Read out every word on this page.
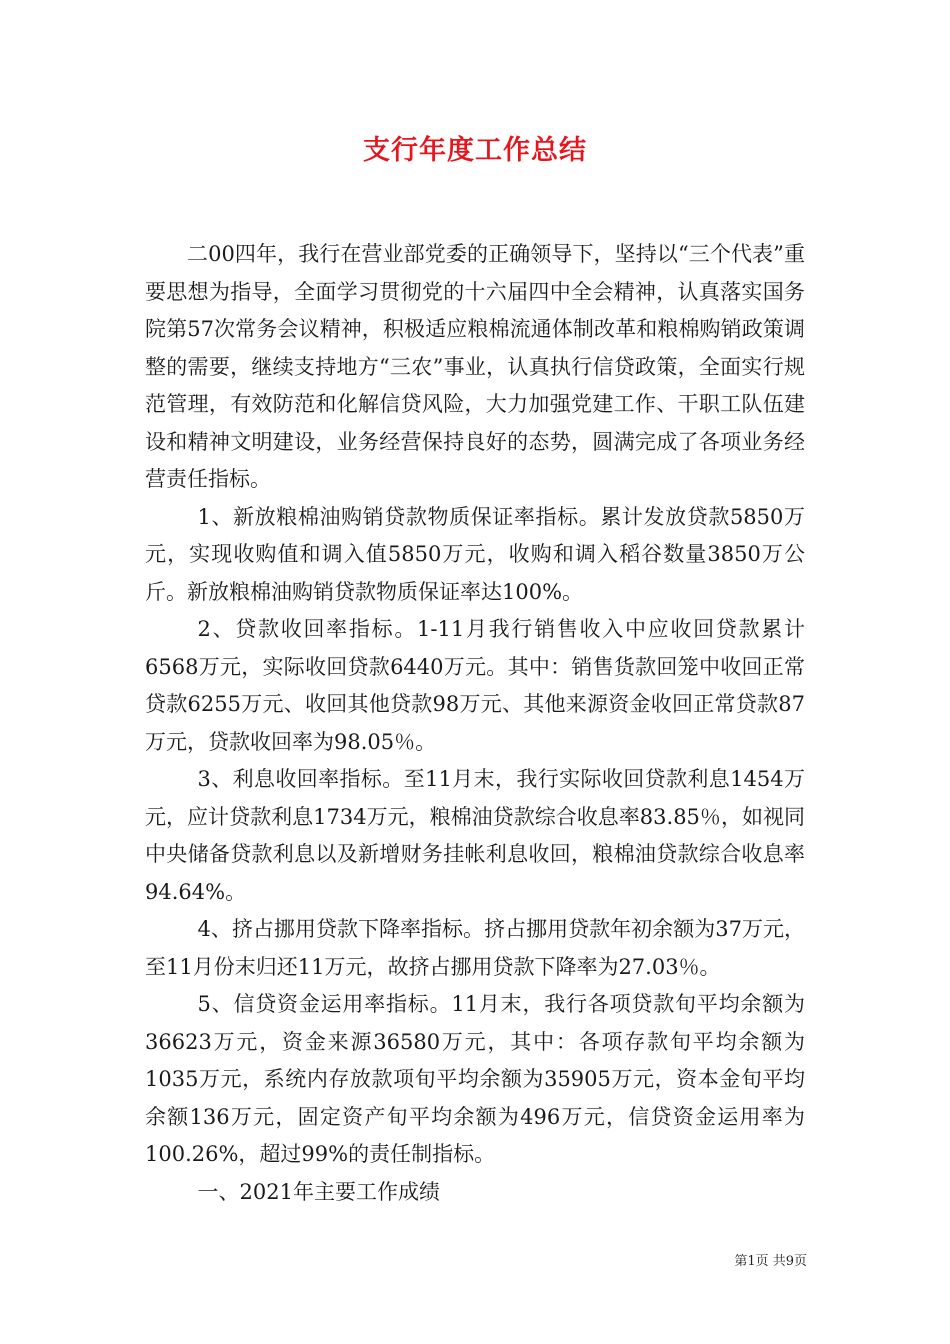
支行年度工作总结

二00四年，我行在营业部党委的正确领导下，坚持以“三个代表”重要思想为指导，全面学习贯彻党的十六届四中全会精神，认真落实国务院第57次常务会议精神，积极适应粮棉流通体制改革和粮棉购销政策调整的需要，继续支持地方“三农”事业，认真执行信贷政策，全面实行规范管理，有效防范和化解信贷风险，大力加强党建工作、干职工队伍建设和精神文明建设，业务经营保持良好的态势，圆满完成了各项业务经营责任指标。

1、新放粮棉油购销贷款物质保证率指标。累计发放贷款5850万元，实现收购值和调入值5850万元，收购和调入稻谷数量3850万公斤。新放粮棉油购销贷款物质保证率达100%。

2、贷款收回率指标。1-11月我行销售收入中应收回贷款累计6568万元，实际收回贷款6440万元。其中：销售货款回笼中收回正常贷款6255万元、收回其他贷款98万元、其他来源资金收回正常贷款87万元，贷款收回率为98.05％。

3、利息收回率指标。至11月末，我行实际收回贷款利息1454万元，应计贷款利息1734万元，粮棉油贷款综合收息率83.85％，如视同中央储备贷款利息以及新增财务挂帐利息收回，粮棉油贷款综合收息率94.64%。

4、挤占挪用贷款下降率指标。挤占挪用贷款年初余额为37万元，至11月份末归还11万元，故挤占挪用贷款下降率为27.03％。

5、信贷资金运用率指标。11月末，我行各项贷款旬平均余额为36623万元，资金来源36580万元，其中：各项存款旬平均余额为1035万元，系统内存放款项旬平均余额为35905万元，资本金旬平均余额136万元，固定资产旬平均余额为496万元，信贷资金运用率为100.26%，超过99%的责任制指标。

一、2021年主要工作成绩

第1页 共9页
